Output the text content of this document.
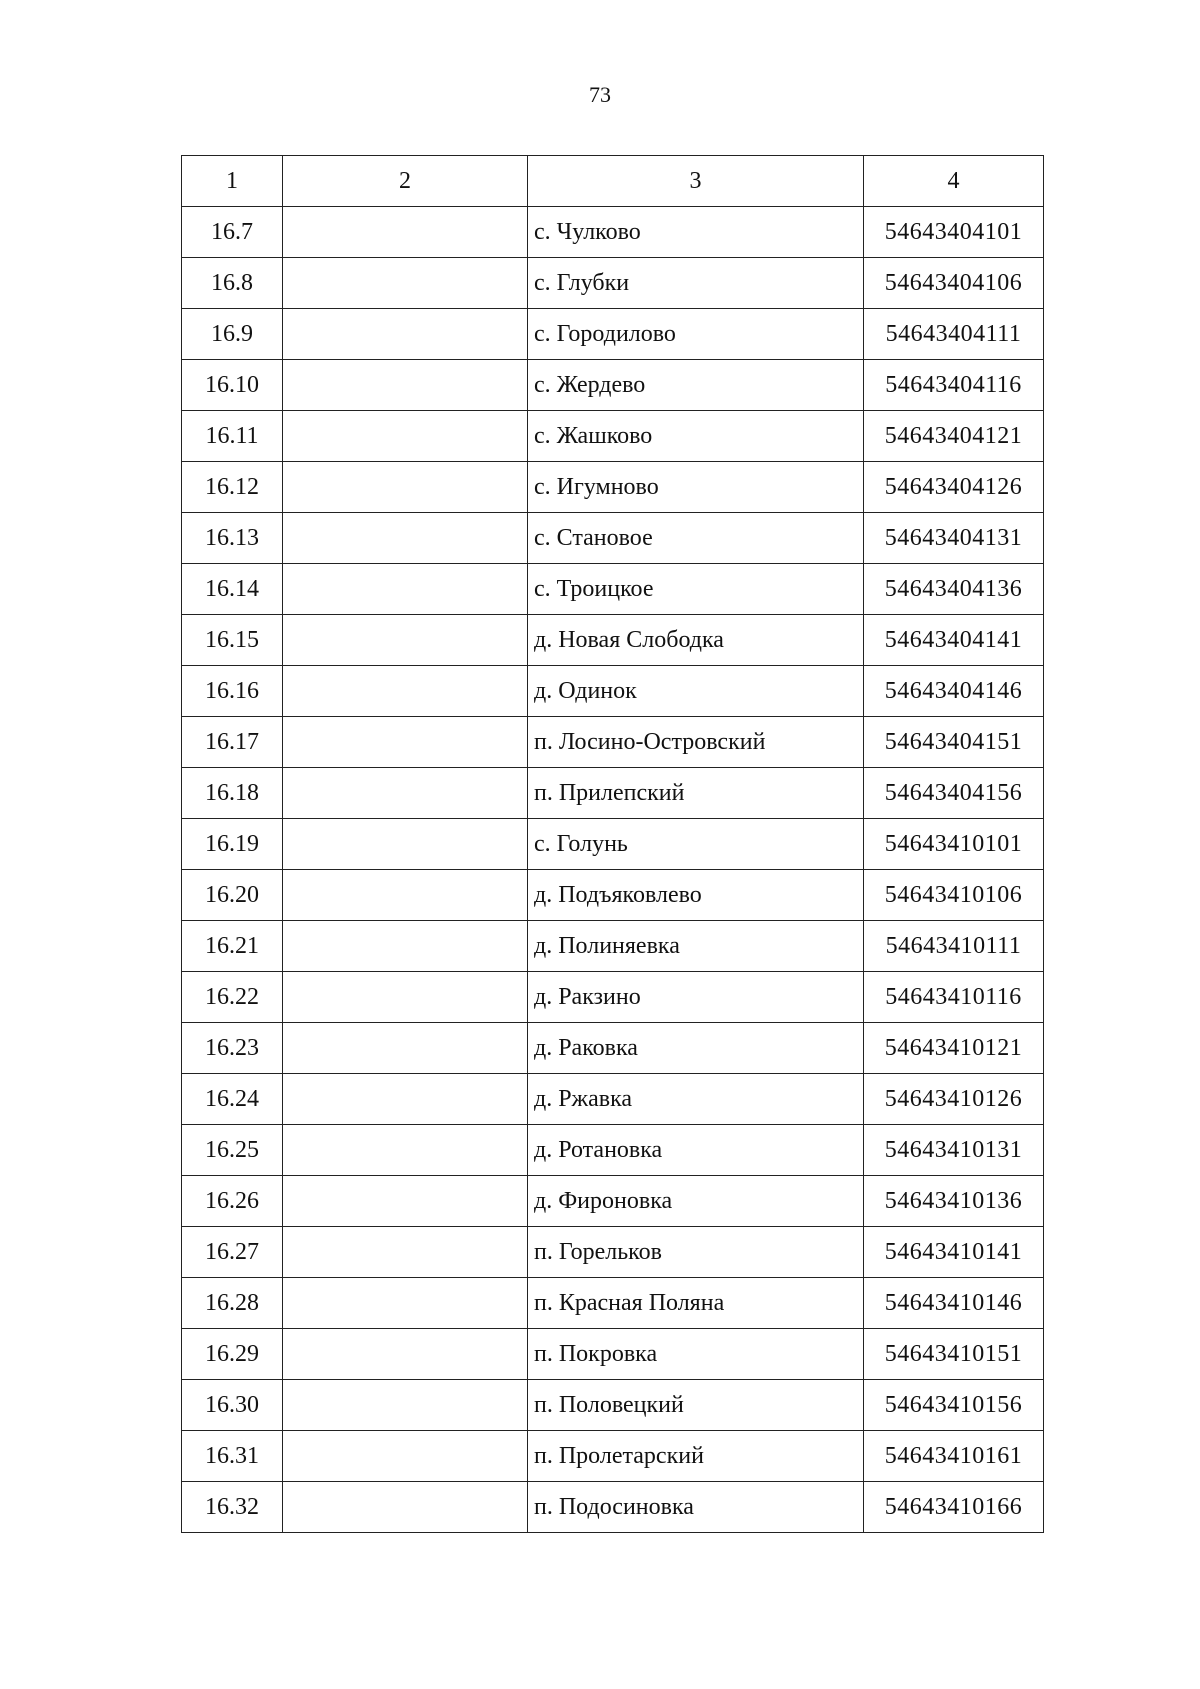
73
1	2	3	4
16.7		с. Чулково	54643404101
16.8		с. Глубки	54643404106
16.9		с. Городилово	54643404111
16.10		с. Жердево	54643404116
16.11		с. Жашково	54643404121
16.12		с. Игумново	54643404126
16.13		с. Становое	54643404131
16.14		с. Троицкое	54643404136
16.15		д. Новая Слободка	54643404141
16.16		д. Одинок	54643404146
16.17		п. Лосино-Островский	54643404151
16.18		п. Прилепский	54643404156
16.19		с. Голунь	54643410101
16.20		д. Подъяковлево	54643410106
16.21		д. Полиняевка	54643410111
16.22		д. Ракзино	54643410116
16.23		д. Раковка	54643410121
16.24		д. Ржавка	54643410126
16.25		д. Ротановка	54643410131
16.26		д. Фироновка	54643410136
16.27		п. Горельков	54643410141
16.28		п. Красная Поляна	54643410146
16.29		п. Покровка	54643410151
16.30		п. Половецкий	54643410156
16.31		п. Пролетарский	54643410161
16.32		п. Подосиновка	54643410166
